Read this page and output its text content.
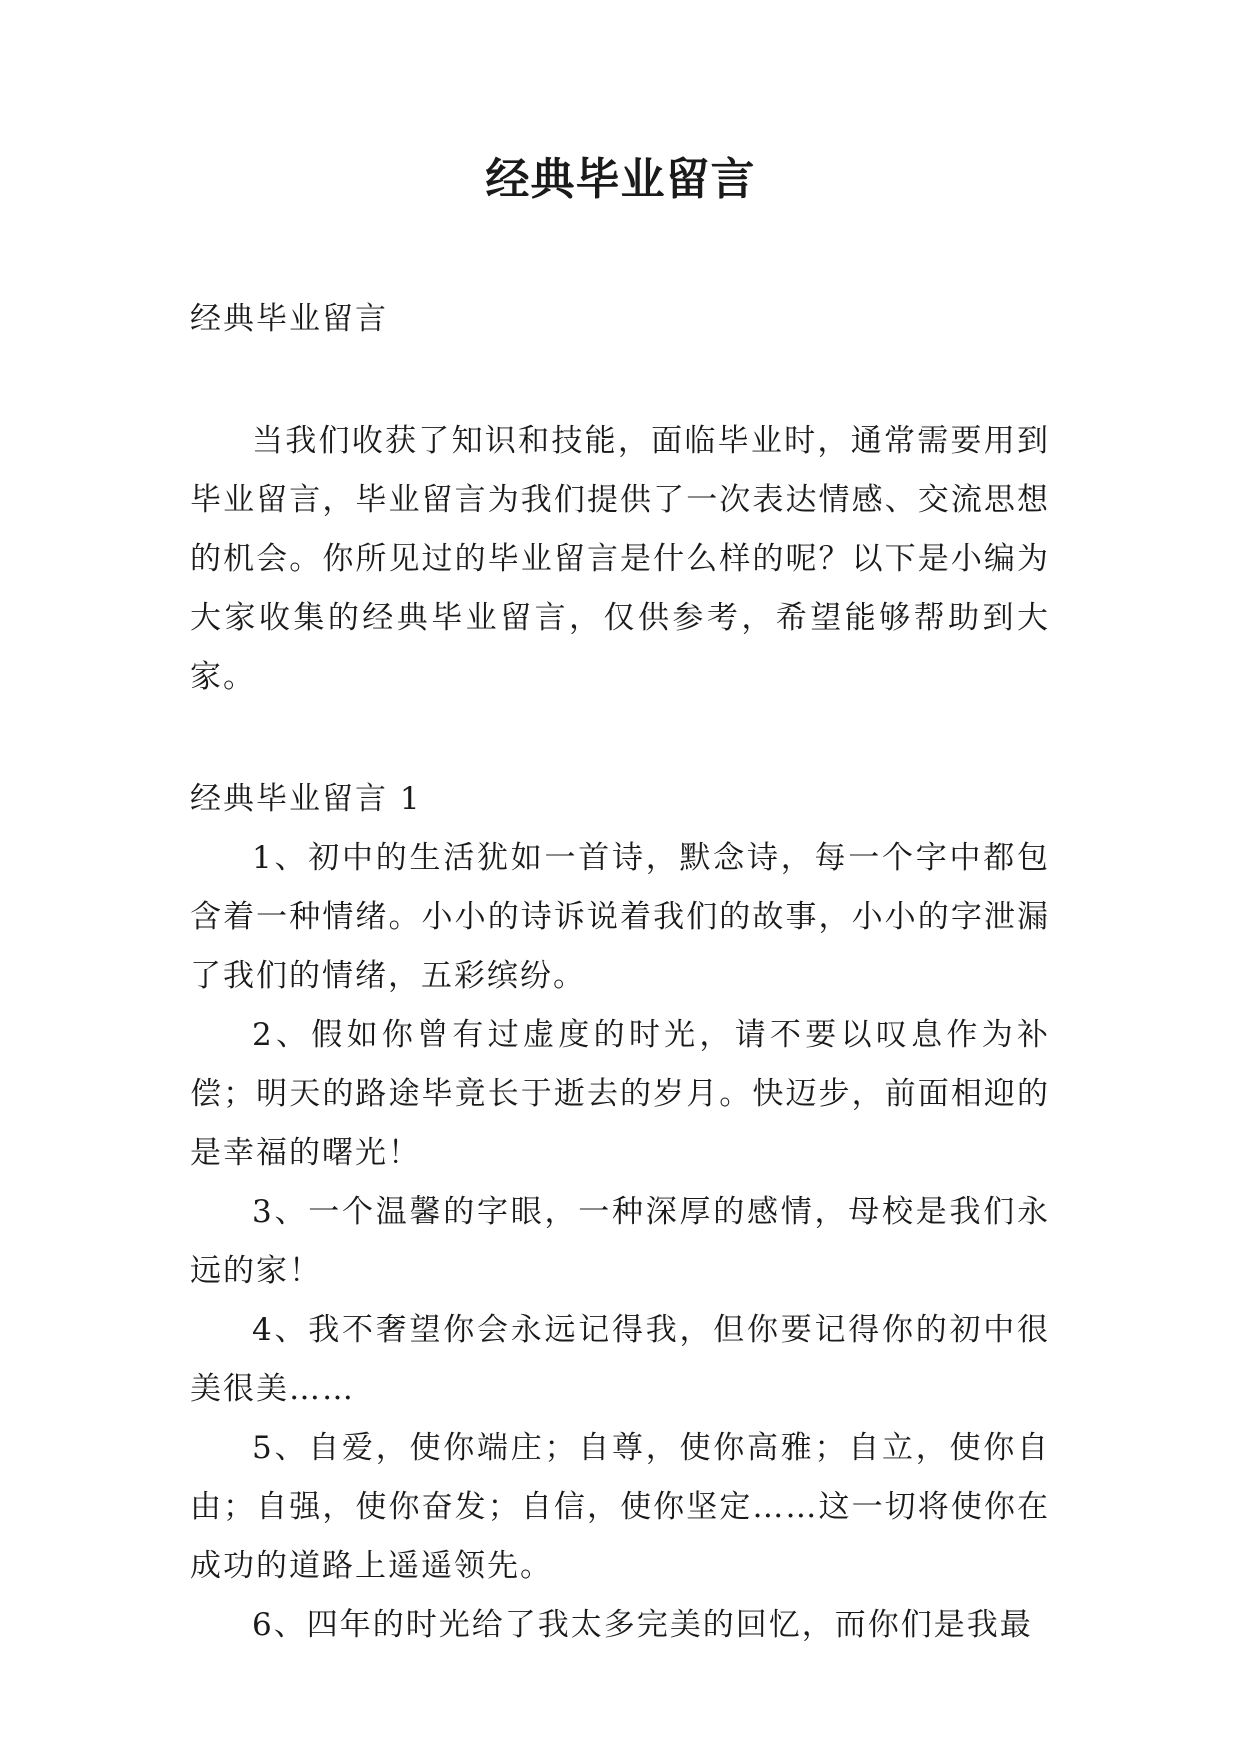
经典毕业留言

经典毕业留言

当我们收获了知识和技能，面临毕业时，通常需要用到毕业留言，毕业留言为我们提供了一次表达情感、交流思想的机会。你所见过的毕业留言是什么样的呢？以下是小编为大家收集的经典毕业留言，仅供参考，希望能够帮助到大家。

经典毕业留言 1

1、初中的生活犹如一首诗，默念诗，每一个字中都包含着一种情绪。小小的诗诉说着我们的故事，小小的字泄漏了我们的情绪，五彩缤纷。

2、假如你曾有过虚度的时光，请不要以叹息作为补偿；明天的路途毕竟长于逝去的岁月。快迈步，前面相迎的是幸福的曙光！

3、一个温馨的字眼，一种深厚的感情，母校是我们永远的家！

4、我不奢望你会永远记得我，但你要记得你的初中很美很美……

5、自爱，使你端庄；自尊，使你高雅；自立，使你自由；自强，使你奋发；自信，使你坚定……这一切将使你在成功的道路上遥遥领先。

6、四年的时光给了我太多完美的回忆，而你们是我最
